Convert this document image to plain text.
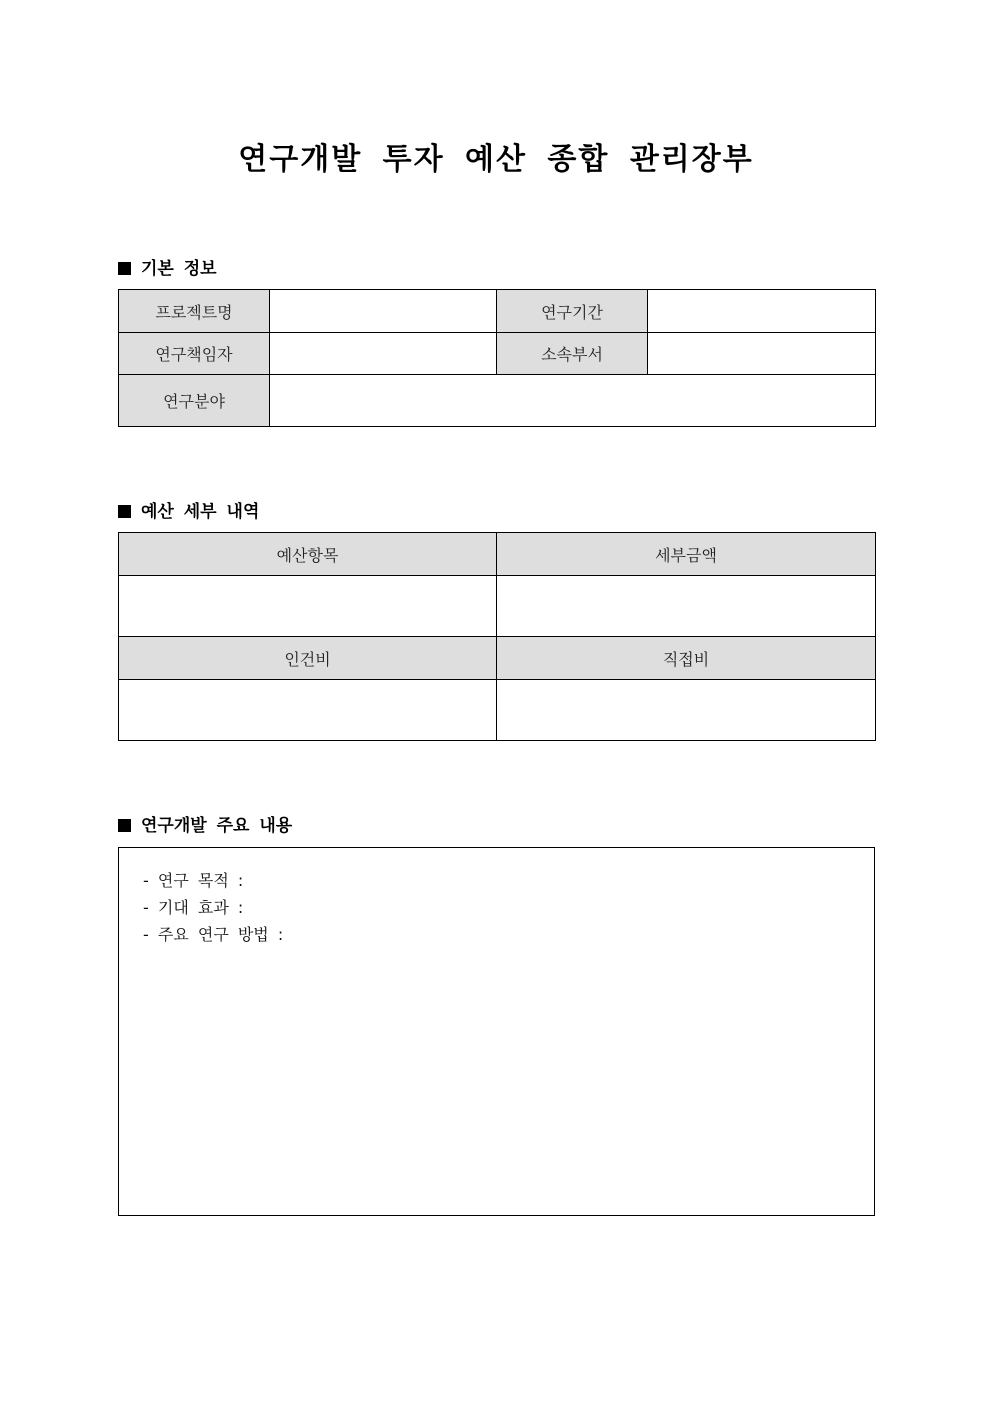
연구개발 투자 예산 종합 관리장부
기본 정보
프로젝트명		연구기간	
연구책임자		소속부서	
연구분야			
예산 세부 내역
예산항목	세부금액

인건비	직접비

연구개발 주요 내용
- 연구 목적 :
- 기대 효과 :
- 주요 연구 방법 :
